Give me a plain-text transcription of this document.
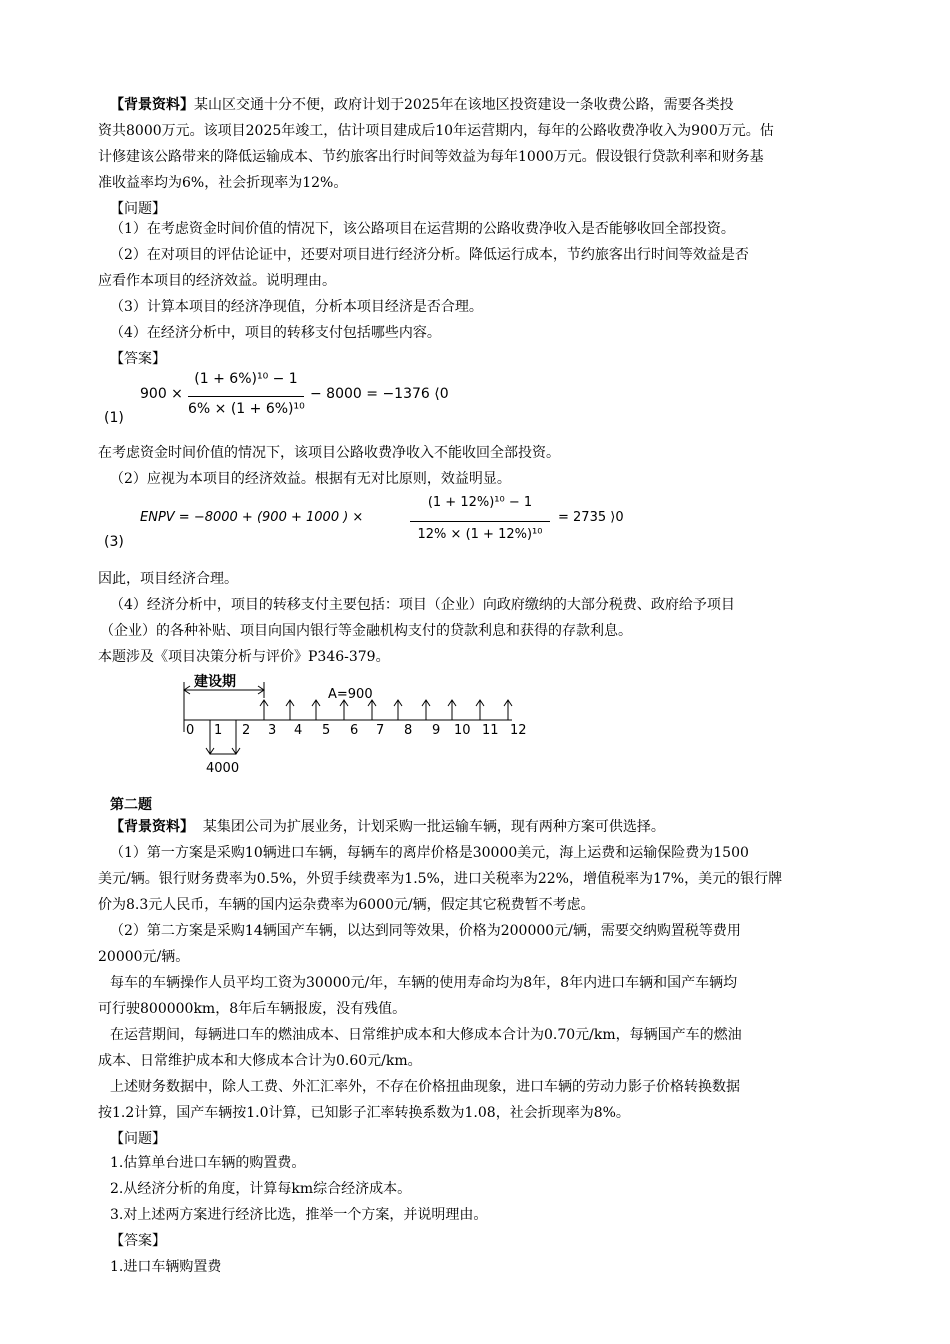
【背景资料】某山区交通十分不便，政府计划于2025年在该地区投资建设一条收费公路，需要各类投
资共8000万元。该项目2025年竣工，估计项目建成后10年运营期内，每年的公路收费净收入为900万元。估
计修建该公路带来的降低运输成本、节约旅客出行时间等效益为每年1000万元。假设银行贷款利率和财务基
准收益率均为6%，社会折现率为12%。
【问题】
（1）在考虑资金时间价值的情况下，该公路项目在运营期的公路收费净收入是否能够收回全部投资。
（2）在对项目的评估论证中，还要对项目进行经济分析。降低运行成本，节约旅客出行时间等效益是否
应看作本项目的经济效益。说明理由。
（3）计算本项目的经济净现值，分析本项目经济是否合理。
（4）在经济分析中，项目的转移支付包括哪些内容。
【答案】
(1)
900 ×
(1 + 6%)¹⁰ − 1
6% × (1 + 6%)¹⁰
− 8000 = −1376 ⟨0
在考虑资金时间价值的情况下，该项目公路收费净收入不能收回全部投资。
（2）应视为本项目的经济效益。根据有无对比原则，效益明显。
(3)
ENPV = −8000 + (900 + 1000 ) ×
(1 + 12%)¹⁰ − 1
12% × (1 + 12%)¹⁰
= 2735 ⟩0
因此，项目经济合理。
（4）经济分析中，项目的转移支付主要包括：项目（企业）向政府缴纳的大部分税费、政府给予项目
（企业）的各种补贴、项目向国内银行等金融机构支付的贷款利息和获得的存款利息。
本题涉及《项目决策分析与评价》P346-379。
建设期
A=900
0 1 2 3 4 5 6 7 8 9 10 11 12
4000
第二题
【背景资料】  某集团公司为扩展业务，计划采购一批运输车辆，现有两种方案可供选择。
（1）第一方案是采购10辆进口车辆，每辆车的离岸价格是30000美元，海上运费和运输保险费为1500
美元/辆。银行财务费率为0.5%，外贸手续费率为1.5%，进口关税率为22%，增值税率为17%，美元的银行牌
价为8.3元人民币，车辆的国内运杂费率为6000元/辆，假定其它税费暂不考虑。
（2）第二方案是采购14辆国产车辆，以达到同等效果，价格为200000元/辆，需要交纳购置税等费用
20000元/辆。
每车的车辆操作人员平均工资为30000元/年，车辆的使用寿命均为8年，8年内进口车辆和国产车辆均
可行驶800000km，8年后车辆报废，没有残值。
在运营期间，每辆进口车的燃油成本、日常维护成本和大修成本合计为0.70元/km，每辆国产车的燃油
成本、日常维护成本和大修成本合计为0.60元/km。
上述财务数据中，除人工费、外汇汇率外，不存在价格扭曲现象，进口车辆的劳动力影子价格转换数据
按1.2计算，国产车辆按1.0计算，已知影子汇率转换系数为1.08，社会折现率为8%。
【问题】
1.估算单台进口车辆的购置费。
2.从经济分析的角度，计算每km综合经济成本。
3.对上述两方案进行经济比选，推举一个方案，并说明理由。
【答案】
1.进口车辆购置费
